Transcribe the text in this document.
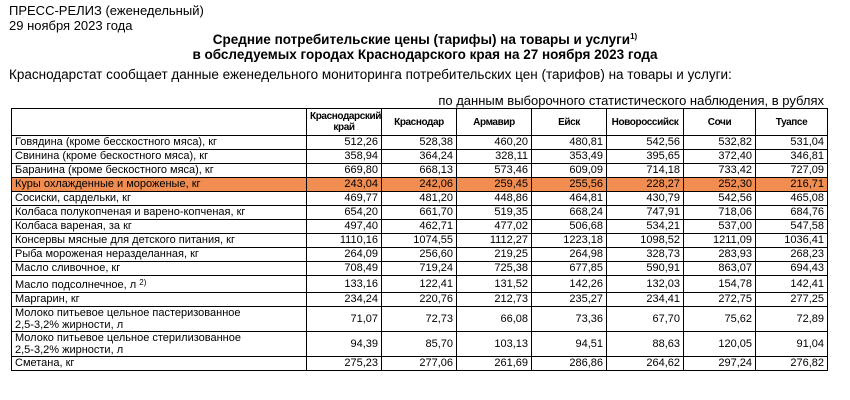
ПРЕСС-РЕЛИЗ (еженедельный)
29 ноября 2023 года
Средние потребительские цены (тарифы) на товары и услуги$^{1)}$
в обследуемых городах Краснодарского края на 27 ноября 2023 года
Краснодарстат сообщает данные еженедельного мониторинга потребительских цен (тарифов) на товары и услуги:
по данным выборочного статистического наблюдения, в рублях
	Краснодарский край	Краснодар	Армавир	Ейск	Новороссийск	Сочи	Туапсе
Говядина (кроме бесскостного мяса), кг	512,26	528,38	460,20	480,81	542,56	532,82	531,04
Свинина (кроме бескостного мяса), кг	358,94	364,24	328,11	353,49	395,65	372,40	346,81
Баранина (кроме бескостного мяса), кг	669,80	668,13	573,46	609,09	714,18	733,42	727,09
Куры охлажденные и мороженые, кг	243,04	242,06	259,45	255,56	228,27	252,30	216,71
Сосиски, сардельки, кг	469,77	481,20	448,86	464,81	430,79	542,56	465,08
Колбаса полукопченая и варено-копченая, кг	654,20	661,70	519,35	668,24	747,91	718,06	684,76
Колбаса вареная, за кг	497,40	462,71	477,02	506,68	534,21	537,00	547,58
Консервы мясные для детского питания, кг	1110,16	1074,55	1112,27	1223,18	1098,52	1211,09	1036,41
Рыба мороженая неразделанная, кг	264,09	256,60	219,25	264,98	328,73	283,93	268,23
Масло сливочное, кг	708,49	719,24	725,38	677,85	590,91	863,07	694,43
Масло подсолнечное, л $^{2)}$	133,16	122,41	131,52	142,26	132,03	154,78	142,41
Маргарин, кг	234,24	220,76	212,73	235,27	234,41	272,75	277,25

Молоко питьевое цельное пастеризованное
2,5-3,2% жирности, л	71,07	72,73	66,08	73,36	67,70	75,62	72,89

Молоко питьевое цельное стерилизованное
2,5-3,2% жирности, л	94,39	85,70	103,13	94,51	88,63	120,05	91,04
Сметана, кг	275,23	277,06	261,69	286,86	264,62	297,24	276,82
